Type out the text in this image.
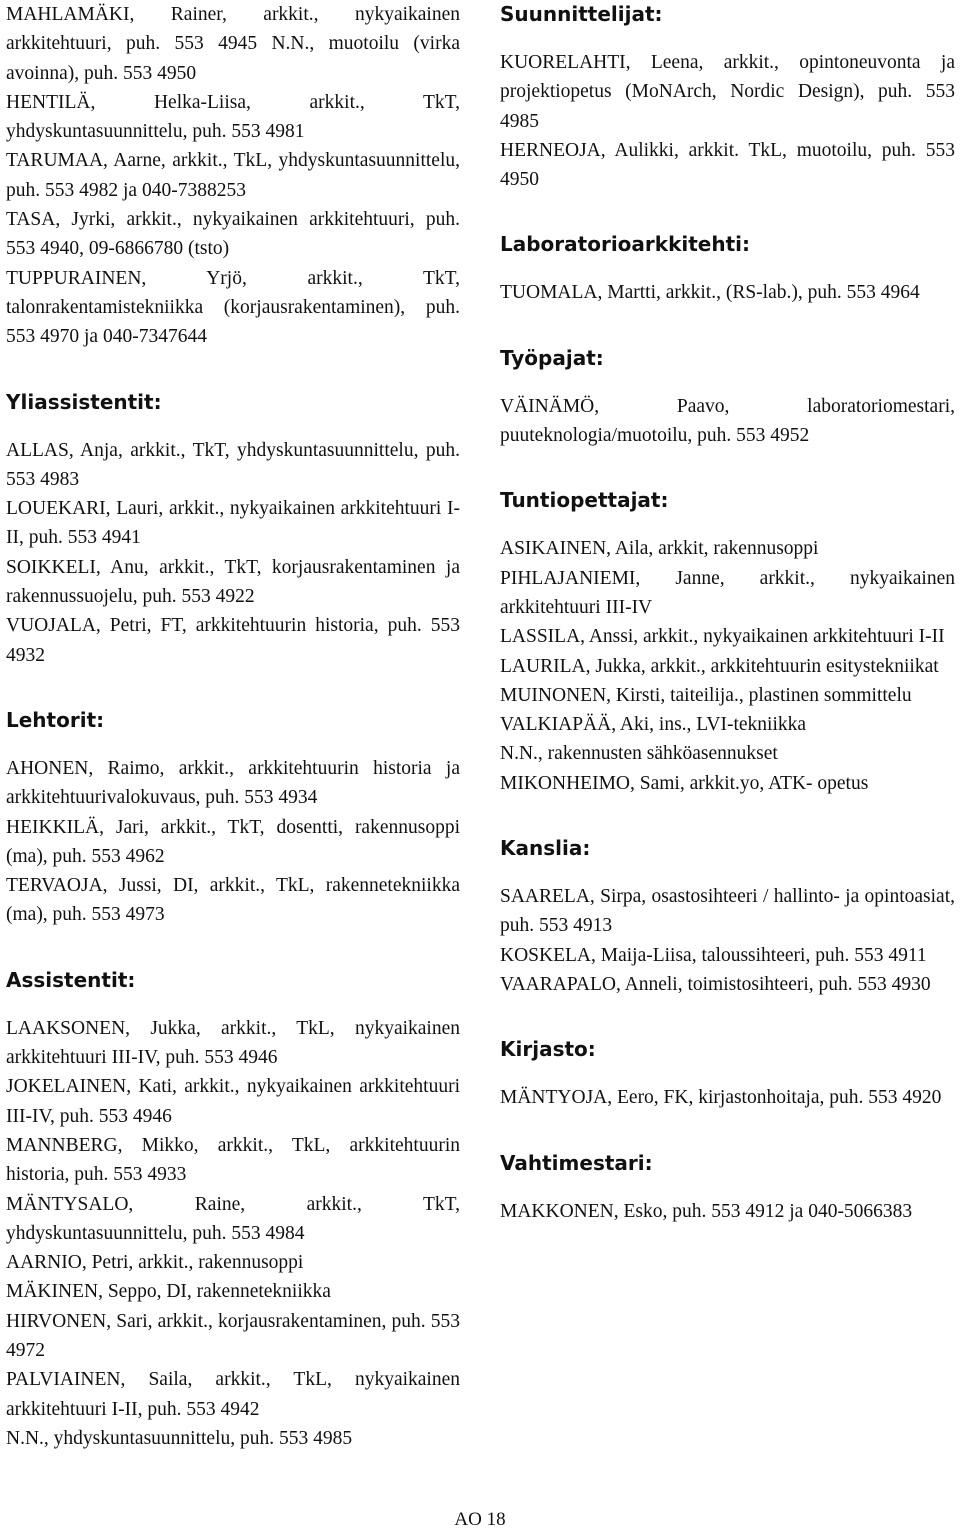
MAHLAMÄKI, Rainer, arkkit., nykyaikainen arkkitehtuuri, puh. 553 4945 N.N., muotoilu (virka avoinna), puh. 553 4950

HENTILÄ, Helka-Liisa, arkkit., TkT, yhdyskuntasuunnittelu, puh. 553 4981

TARUMAA, Aarne, arkkit., TkL, yhdyskuntasuunnittelu, puh. 553 4982 ja 040-7388253

TASA, Jyrki, arkkit., nykyaikainen arkkitehtuuri, puh. 553 4940, 09-6866780 (tsto)

TUPPURAINEN, Yrjö, arkkit., TkT, talonrakentamistekniikka (korjausrakentaminen), puh. 553 4970 ja 040-7347644

Yliassistentit:

ALLAS, Anja, arkkit., TkT, yhdyskuntasuunnittelu, puh. 553 4983

LOUEKARI, Lauri, arkkit., nykyaikainen arkkitehtuuri I-II, puh. 553 4941

SOIKKELI, Anu, arkkit., TkT, korjausrakentaminen ja rakennussuojelu, puh. 553 4922

VUOJALA, Petri, FT, arkkitehtuurin historia, puh. 553 4932

Lehtorit:

AHONEN, Raimo, arkkit., arkkitehtuurin historia ja arkkitehtuurivalokuvaus, puh. 553 4934

HEIKKILÄ, Jari, arkkit., TkT, dosentti, rakennusoppi (ma), puh. 553 4962

TERVAOJA, Jussi, DI, arkkit., TkL, rakennetekniikka (ma), puh. 553 4973

Assistentit:

LAAKSONEN, Jukka, arkkit., TkL, nykyaikainen arkkitehtuuri III-IV, puh. 553 4946

JOKELAINEN, Kati, arkkit., nykyaikainen arkkitehtuuri III-IV, puh. 553 4946

MANNBERG, Mikko, arkkit., TkL, arkkitehtuurin historia, puh. 553 4933

MÄNTYSALO, Raine, arkkit., TkT, yhdyskuntasuunnittelu, puh. 553 4984

AARNIO, Petri, arkkit., rakennusoppi

MÄKINEN, Seppo, DI, rakennetekniikka

HIRVONEN, Sari, arkkit., korjausrakentaminen, puh. 553 4972

PALVIAINEN, Saila, arkkit., TkL, nykyaikainen arkkitehtuuri I-II, puh. 553 4942

N.N., yhdyskuntasuunnittelu, puh. 553 4985

Suunnittelijat:

KUORELAHTI, Leena, arkkit., opintoneuvonta ja projektiopetus (MoNArch, Nordic Design), puh. 553 4985

HERNEOJA, Aulikki, arkkit. TkL, muotoilu, puh. 553 4950

Laboratorioarkkitehti:

TUOMALA, Martti, arkkit., (RS-lab.), puh. 553 4964

Työpajat:

VÄINÄMÖ, Paavo, laboratoriomestari, puuteknologia/muotoilu, puh. 553 4952

Tuntiopettajat:

ASIKAINEN, Aila, arkkit, rakennusoppi

PIHLAJANIEMI, Janne, arkkit., nykyaikainen arkkitehtuuri III-IV

LASSILA, Anssi, arkkit., nykyaikainen arkkitehtuuri I-II

LAURILA, Jukka, arkkit., arkkitehtuurin esitystekniikat

MUINONEN, Kirsti, taiteilija., plastinen sommittelu

VALKIAPÄÄ, Aki, ins., LVI-tekniikka

N.N., rakennusten sähköasennukset

MIKONHEIMO, Sami, arkkit.yo, ATK- opetus

Kanslia:

SAARELA, Sirpa, osastosihteeri / hallinto- ja opintoasiat, puh. 553 4913

KOSKELA, Maija-Liisa, taloussihteeri, puh. 553 4911

VAARAPALO, Anneli, toimistosihteeri, puh. 553 4930

Kirjasto:

MÄNTYOJA, Eero, FK, kirjastonhoitaja, puh. 553 4920

Vahtimestari:

MAKKONEN, Esko, puh. 553 4912 ja 040-5066383

AO 18
